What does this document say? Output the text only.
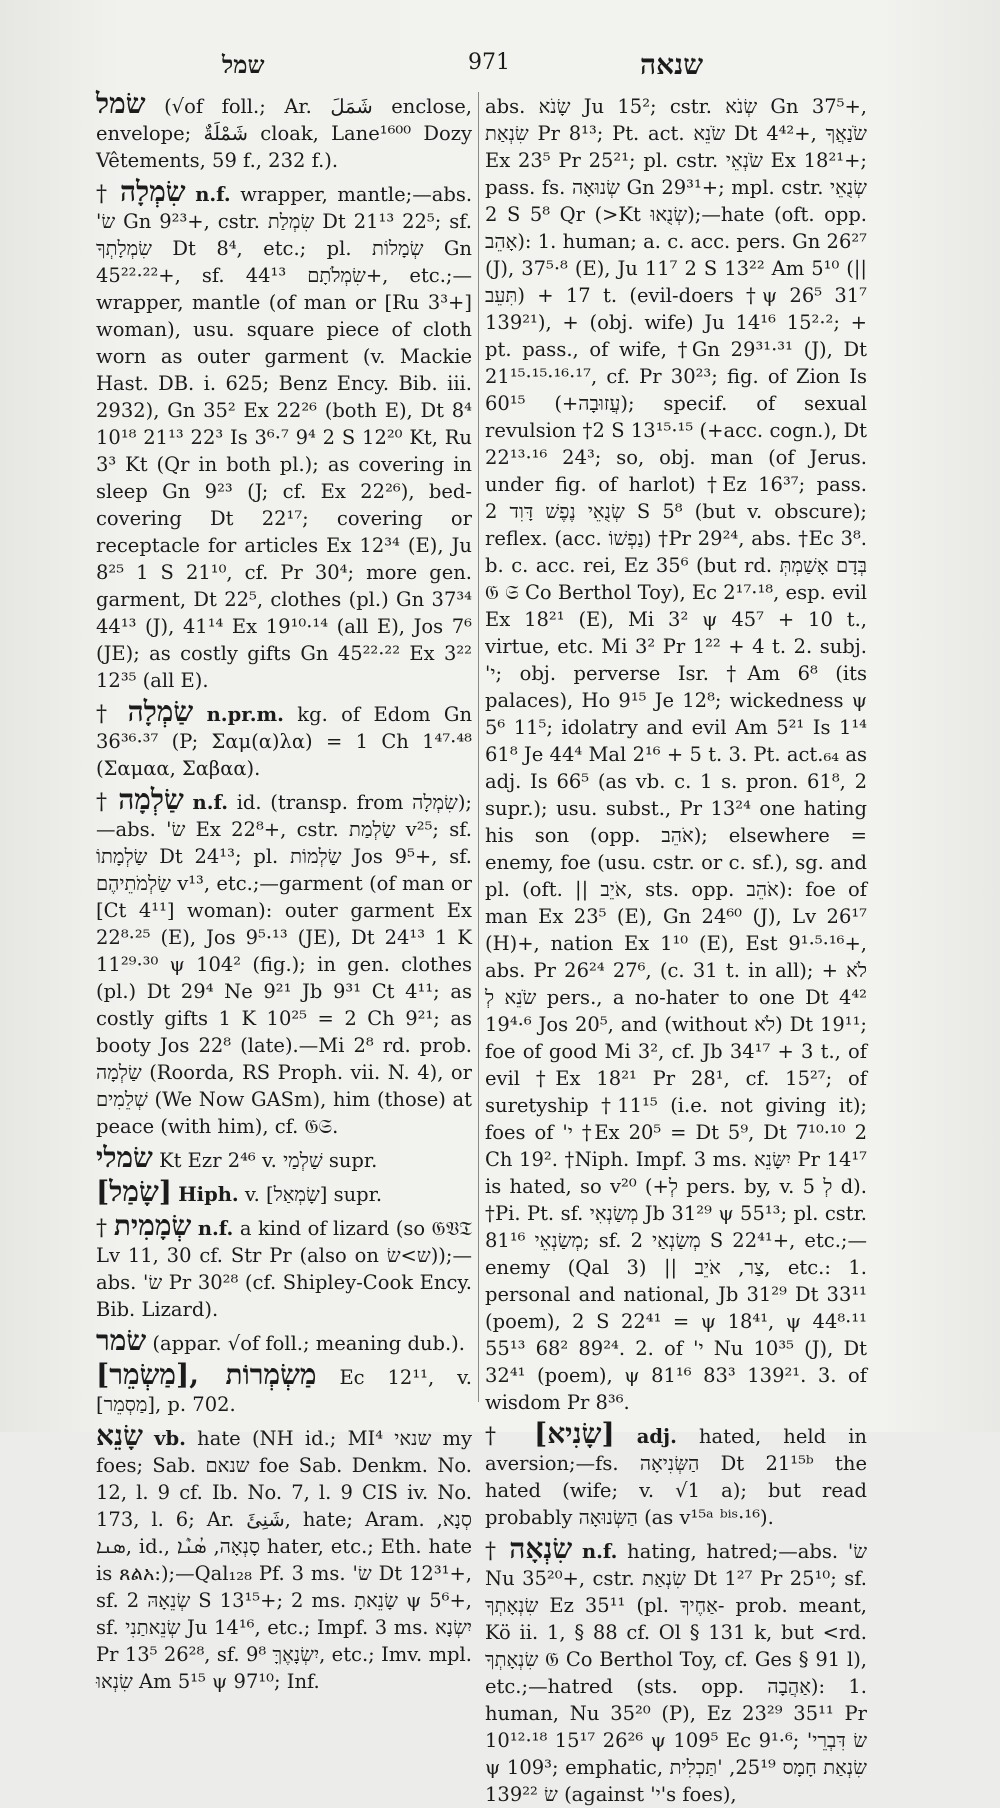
שמל	971	שנאה

שׂמל (√of foll.; Ar. شَمَلَ enclose, envelope; شَمْلَةٌ cloak, Lane¹⁶⁰⁰ Dozy Vêtements, 59 f., 232 f.).

† שִׂמְלָה n.f. wrapper, mantle;—abs. 'שׂ Gn 9²³+, cstr. שִׂמְלַת Dt 21¹³ 22⁵; sf. שִׂמְלָתְךָ Dt 8⁴, etc.; pl. שְׂמָלוֹת Gn 45²²·²²+, sf. שִׂמְלֹתָם 44¹³+, etc.;—wrapper, mantle (of man or [Ru 3³+] woman), usu. square piece of cloth worn as outer garment (v. Mackie Hast. DB. i. 625; Benz Ency. Bib. iii. 2932), Gn 35² Ex 22²⁶ (both E), Dt 8⁴ 10¹⁸ 21¹³ 22³ Is 3⁶·⁷ 9⁴ 2 S 12²⁰ Kt, Ru 3³ Kt (Qr in both pl.); as covering in sleep Gn 9²³ (J; cf. Ex 22²⁶), bed-covering Dt 22¹⁷; covering or receptacle for articles Ex 12³⁴ (E), Ju 8²⁵ 1 S 21¹⁰, cf. Pr 30⁴; more gen. garment, Dt 22⁵, clothes (pl.) Gn 37³⁴ 44¹³ (J), 41¹⁴ Ex 19¹⁰·¹⁴ (all E), Jos 7⁶ (JE); as costly gifts Gn 45²²·²² Ex 3²² 12³⁵ (all E).

† שַׂמְלָה n.pr.m. kg. of Edom Gn 36³⁶·³⁷ (P; Σαμ(α)λα) = 1 Ch 1⁴⁷·⁴⁸ (Σαμαα, Σαβαα).

† שַׂלְמָה n.f. id. (transp. from שִׂמְלָה);—abs. 'שׂ Ex 22⁸+, cstr. שַׂלְמַת v²⁵; sf. שַׂלְמָתוֹ Dt 24¹³; pl. שַׂלְמוֹת Jos 9⁵+, sf. שַׂלְמֹתֵיהֶם v¹³, etc.;—garment (of man or [Ct 4¹¹] woman): outer garment Ex 22⁸·²⁵ (E), Jos 9⁵·¹³ (JE), Dt 24¹³ 1 K 11²⁹·³⁰ ψ 104² (fig.); in gen. clothes (pl.) Dt 29⁴ Ne 9²¹ Jb 9³¹ Ct 4¹¹; as costly gifts 1 K 10²⁵ = 2 Ch 9²¹; as booty Jos 22⁸ (late).—Mi 2⁸ rd. prob. שַׂלְמָה (Roorda, RS Proph. vii. N. 4), or שְׁלֵמִים (We Now GASm), him (those) at peace (with him), cf. 𝔊𝔖.

שׂמלי Kt Ezr 2⁴⁶ v. שַׁלְמַי supr.

[שָׂמַל] Hiph. v. [שָׂמְאַל] supr.

† שְׂמָמִית n.f. a kind of lizard (so 𝔊𝔙𝔗 Lv 11, 30 cf. Str Pr (also on ש>שׂ));—abs. 'שׂ Pr 30²⁸ (cf. Shipley-Cook Ency. Bib. Lizard).

שׂמר (appar. √of foll.; meaning dub.).

[מַשְׂמֵר], מַשְׂמְרוֹת Ec 12¹¹, v. [מַסְמֵר], p. 702.

שָׂנֵא vb. hate (NH id.; MI⁴ שנאי my foes; Sab. שנאם foe Sab. Denkm. No. 12, l. 9 cf. Ib. No. 7, l. 9 CIS iv. No. 173, l. 6; Ar. شَنِئَ, hate; Aram. סְנָא, ܣܢܐ, id., סָנְאָה, ܣܳܢܶܐ hater, etc.; Eth. hate is ጸልአ:);—Qal₁₂₈ Pf. 3 ms. 'שׂ Dt 12³¹+, sf. שְׂנֵאָהּ 2 S 13¹⁵+; 2 ms. שָׂנֵאתָ ψ 5⁶+, sf. שְׂנֵאתַנִי Ju 14¹⁶, etc.; Impf. 3 ms. יִשְׂנָא Pr 13⁵ 26²⁸, sf. יִשְׂנָאֶךָּ 9⁸, etc.; Imv. mpl. שִׂנְאוּ Am 5¹⁵ ψ 97¹⁰; Inf.

abs. שָׂנֹא Ju 15²; cstr. שְׂנֹא Gn 37⁵+, שִׂנְאַת Pr 8¹³; Pt. act. שֹׂנֵא Dt 4⁴²+, שֹׂנַאֲךָ Ex 23⁵ Pr 25²¹; pl. cstr. שֹׂנְאֵי Ex 18²¹+; pass. fs. שְׂנוּאָה Gn 29³¹+; mpl. cstr. שְׂנֻאֵי 2 S 5⁸ Qr (>Kt שְׂנֻאוּ);—hate (oft. opp. אָהֵב): 1. human; a. c. acc. pers. Gn 26²⁷ (J), 37⁵·⁸ (E), Ju 11⁷ 2 S 13²² Am 5¹⁰ (|| תִּעֵב) + 17 t. (evil-doers †ψ 26⁵ 31⁷ 139²¹), + (obj. wife) Ju 14¹⁶ 15²·²; + pt. pass., of wife, †Gn 29³¹·³¹ (J), Dt 21¹⁵·¹⁵·¹⁶·¹⁷, cf. Pr 30²³; fig. of Zion Is 60¹⁵ (+עֲזוּבָה); specif. of sexual revulsion †2 S 13¹⁵·¹⁵ (+acc. cogn.), Dt 22¹³·¹⁶ 24³; so, obj. man (of Jerus. under fig. of harlot) †Ez 16³⁷; pass. שְׂנֻאֵי נֶפֶשׁ דָּוִד 2 S 5⁸ (but v. obscure); reflex. (acc. נַפְשׁוֹ) †Pr 29²⁴, abs. †Ec 3⁸. b. c. acc. rei, Ez 35⁶ (but rd. בְּדָם אָשַׁמְתְּ 𝔊 𝔖 Co Berthol Toy), Ec 2¹⁷·¹⁸, esp. evil Ex 18²¹ (E), Mi 3² ψ 45⁷ + 10 t., virtue, etc. Mi 3² Pr 1²² + 4 t. 2. subj. 'י; obj. perverse Isr. †Am 6⁸ (its palaces), Ho 9¹⁵ Je 12⁸; wickedness ψ 5⁶ 11⁵; idolatry and evil Am 5²¹ Is 1¹⁴ 61⁸ Je 44⁴ Mal 2¹⁶ + 5 t. 3. Pt. act.₆₄ as adj. Is 66⁵ (as vb. c. 1 s. pron. 61⁸, 2 supr.); usu. subst., Pr 13²⁴ one hating his son (opp. אֹהֵב); elsewhere = enemy, foe (usu. cstr. or c. sf.), sg. and pl. (oft. || אֹיֵב, sts. opp. אֹהֵב): foe of man Ex 23⁵ (E), Gn 24⁶⁰ (J), Lv 26¹⁷ (H)+, nation Ex 1¹⁰ (E), Est 9¹·⁵·¹⁶+, abs. Pr 26²⁴ 27⁶, (c. 31 t. in all); + לֹא שֹׂנֵא לְ pers., a no-hater to one Dt 4⁴² 19⁴·⁶ Jos 20⁵, and (without לֹא) Dt 19¹¹; foe of good Mi 3², cf. Jb 34¹⁷ + 3 t., of evil †Ex 18²¹ Pr 28¹, cf. 15²⁷; of suretyship †11¹⁵ (i.e. not giving it); foes of 'י †Ex 20⁵ = Dt 5⁹, Dt 7¹⁰·¹⁰ 2 Ch 19². †Niph. Impf. 3 ms. יִשָּׂנֵא Pr 14¹⁷ is hated, so v²⁰ (+לְ pers. by, v. לְ 5 d). †Pi. Pt. sf. מְשַׂנְאִי Jb 31²⁹ ψ 55¹³; pl. cstr. מְשַׂנְאֵי 81¹⁶; sf. מְשַׂנְאַי 2 S 22⁴¹+, etc.;—enemy (Qal 3) || צַר, אֹיֵב, etc.: 1. personal and national, Jb 31²⁹ Dt 33¹¹ (poem), 2 S 22⁴¹ = ψ 18⁴¹, ψ 44⁸·¹¹ 55¹³ 68² 89²⁴. 2. of 'י Nu 10³⁵ (J), Dt 32⁴¹ (poem), ψ 81¹⁶ 83³ 139²¹. 3. of wisdom Pr 8³⁶.

† [שָׂנִיא] adj. hated, held in aversion;—fs. הַשְּׂנִיאָה Dt 21¹⁵ᵇ the hated (wife; v. √1 a); but read probably הַשְּׂנוּאָה (as v¹⁵ᵃ ᵇⁱˢ·¹⁶).

† שִׂנְאָה n.f. hating, hatred;—abs. 'שׂ Nu 35²⁰+, cstr. שִׂנְאַת Dt 1²⁷ Pr 25¹⁰; sf. שִׂנְאָתְךָ Ez 35¹¹ (pl. אַחֶיךָ- prob. meant, Kö ii. 1, § 88 cf. Ol § 131 k, but <rd. שִׂנְאָתְךָ 𝔊 Co Berthol Toy, cf. Ges § 91 l), etc.;—hatred (sts. opp. אַהֲבָה): 1. human, Nu 35²⁰ (P), Ez 23²⁹ 35¹¹ Pr 10¹²·¹⁸ 15¹⁷ 26²⁶ ψ 109⁵ Ec 9¹·⁶; 'שׂ דִּבְרֵי ψ 109³; emphatic, שִׂנְאַת חָמָס 25¹⁹, 'תַּכְלִית שׂ 139²² (against 'י's foes),
